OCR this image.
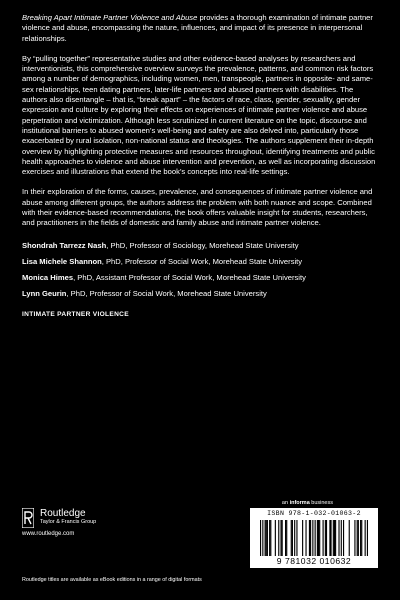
Breaking Apart Intimate Partner Violence and Abuse provides a thorough examination of intimate partner violence and abuse, encompassing the nature, influences, and impact of its presence in interpersonal relationships.

By “pulling together” representative studies and other evidence-based analyses by researchers and interventionists, this comprehensive overview surveys the prevalence, patterns, and common risk factors among a number of demographics, including women, men, transpeople, partners in opposite- and same-sex relationships, teen dating partners, later-life partners and abused partners with disabilities. The authors also disentangle – that is, “break apart” – the factors of race, class, gender, sexuality, gender expression and culture by exploring their effects on experiences of intimate partner violence and abuse perpetration and victimization. Although less scrutinized in current literature on the topic, discourse and institutional barriers to abused women’s well-being and safety are also delved into, particularly those exacerbated by rural isolation, non-national status and theologies. The authors supplement their in-depth overview by highlighting protective measures and resources throughout, identifying treatments and public health approaches to violence and abuse intervention and prevention, as well as incorporating discussion exercises and illustrations that extend the book’s concepts into real-life settings.

In their exploration of the forms, causes, prevalence, and consequences of intimate partner violence and abuse among different groups, the authors address the problem with both nuance and scope. Combined with their evidence-based recommendations, the book offers valuable insight for students, researchers, and practitioners in the fields of domestic and family abuse and intimate partner violence.

Shondrah Tarrezz Nash, PhD, Professor of Sociology, Morehead State University
Lisa Michele Shannon, PhD, Professor of Social Work, Morehead State University
Monica Himes, PhD, Assistant Professor of Social Work, Morehead State University
Lynn Geurin, PhD, Professor of Social Work, Morehead State University
INTIMATE PARTNER VIOLENCE
Routledge
Taylor & Francis Group
www.routledge.com
Routledge titles are available as eBook editions in a range of digital formats
an informa business
ISBN 978-1-032-01063-2
9 781032 010632
